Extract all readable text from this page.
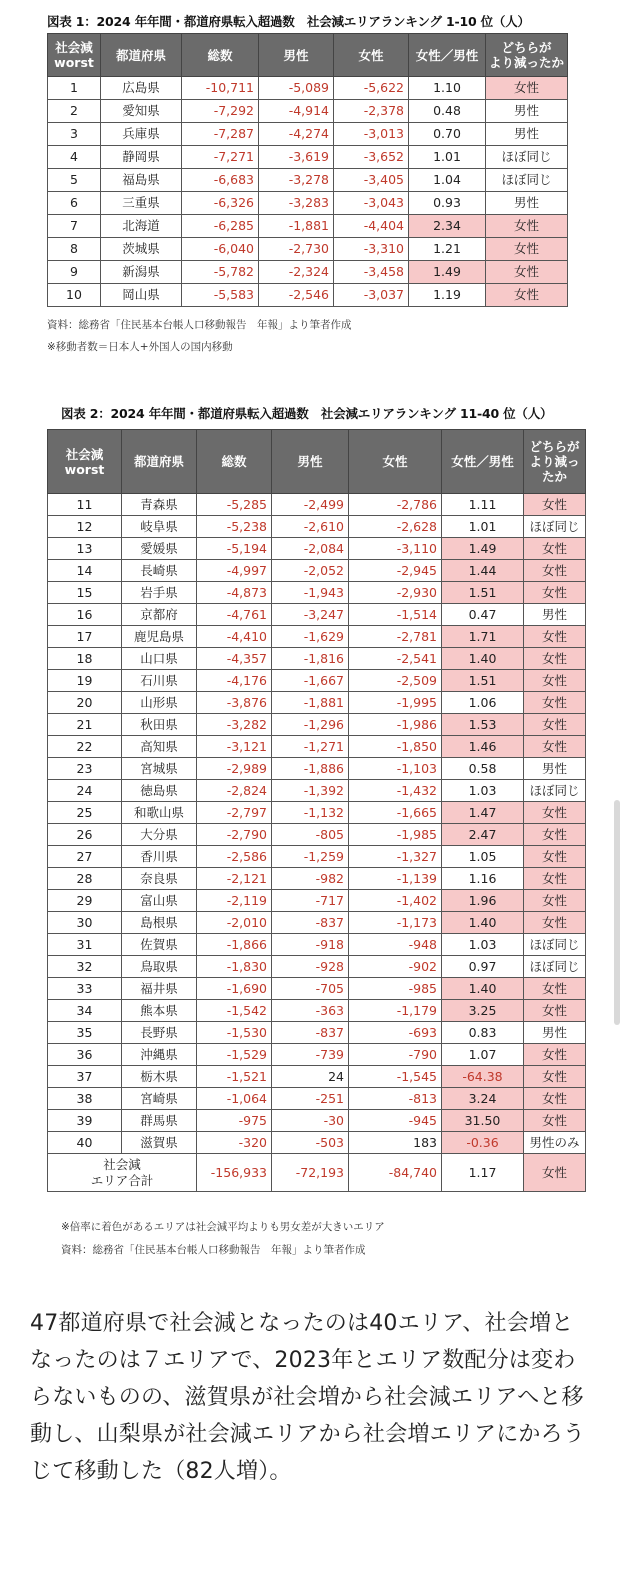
図表 1：2024 年年間・都道府県転入超過数　社会減エリアランキング 1-10 位（人）
社会減
worst	都道府県	総数	男性	女性	女性／男性	どちらが
より減ったか
1	広島県	-10,711	-5,089	-5,622	1.10	女性
2	愛知県	-7,292	-4,914	-2,378	0.48	男性
3	兵庫県	-7,287	-4,274	-3,013	0.70	男性
4	静岡県	-7,271	-3,619	-3,652	1.01	ほぼ同じ
5	福島県	-6,683	-3,278	-3,405	1.04	ほぼ同じ
6	三重県	-6,326	-3,283	-3,043	0.93	男性
7	北海道	-6,285	-1,881	-4,404	2.34	女性
8	茨城県	-6,040	-2,730	-3,310	1.21	女性
9	新潟県	-5,782	-2,324	-3,458	1.49	女性
10	岡山県	-5,583	-2,546	-3,037	1.19	女性
資料：総務省「住民基本台帳人口移動報告　年報」より筆者作成
※移動者数＝日本人+外国人の国内移動
図表 2：2024 年年間・都道府県転入超過数　社会減エリアランキング 11-40 位（人）
社会減
worst	都道府県	総数	男性	女性	女性／男性	どちらが
より減っ
たか
11	青森県	-5,285	-2,499	-2,786	1.11	女性
12	岐阜県	-5,238	-2,610	-2,628	1.01	ほぼ同じ
13	愛媛県	-5,194	-2,084	-3,110	1.49	女性
14	長崎県	-4,997	-2,052	-2,945	1.44	女性
15	岩手県	-4,873	-1,943	-2,930	1.51	女性
16	京都府	-4,761	-3,247	-1,514	0.47	男性
17	鹿児島県	-4,410	-1,629	-2,781	1.71	女性
18	山口県	-4,357	-1,816	-2,541	1.40	女性
19	石川県	-4,176	-1,667	-2,509	1.51	女性
20	山形県	-3,876	-1,881	-1,995	1.06	女性
21	秋田県	-3,282	-1,296	-1,986	1.53	女性
22	高知県	-3,121	-1,271	-1,850	1.46	女性
23	宮城県	-2,989	-1,886	-1,103	0.58	男性
24	徳島県	-2,824	-1,392	-1,432	1.03	ほぼ同じ
25	和歌山県	-2,797	-1,132	-1,665	1.47	女性
26	大分県	-2,790	-805	-1,985	2.47	女性
27	香川県	-2,586	-1,259	-1,327	1.05	女性
28	奈良県	-2,121	-982	-1,139	1.16	女性
29	富山県	-2,119	-717	-1,402	1.96	女性
30	島根県	-2,010	-837	-1,173	1.40	女性
31	佐賀県	-1,866	-918	-948	1.03	ほぼ同じ
32	鳥取県	-1,830	-928	-902	0.97	ほぼ同じ
33	福井県	-1,690	-705	-985	1.40	女性
34	熊本県	-1,542	-363	-1,179	3.25	女性
35	長野県	-1,530	-837	-693	0.83	男性
36	沖縄県	-1,529	-739	-790	1.07	女性
37	栃木県	-1,521	24	-1,545	-64.38	女性
38	宮崎県	-1,064	-251	-813	3.24	女性
39	群馬県	-975	-30	-945	31.50	女性
40	滋賀県	-320	-503	183	-0.36	男性のみ
社会減
エリア合計		-156,933	-72,193	-84,740	1.17	女性
※倍率に着色があるエリアは社会減平均よりも男女差が大きいエリア
資料：総務省「住民基本台帳人口移動報告　年報」より筆者作成
47都道府県で社会減となったのは40エリア、社会増となったのは７エリアで、2023年とエリア数配分は変わらないものの、滋賀県が社会増から社会減エリアへと移動し、山梨県が社会減エリアから社会増エリアにかろうじて移動した（82人増）。
